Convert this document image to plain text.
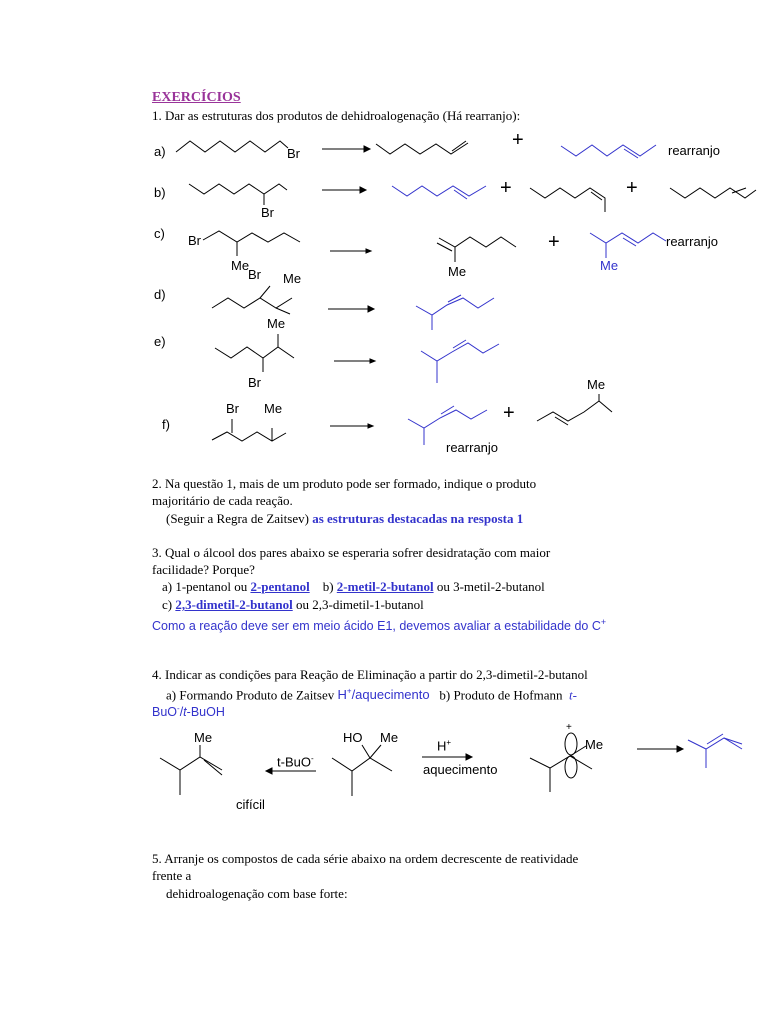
EXERCÍCIOS
1. Dar as estruturas dos produtos de dehidroalogenação (Há rearranjo):
a)
b)
c)
d)
e)
f)
Br
+	rearranjo
Br
+	+
Br
Me	Me
+
Me
rearranjo
Br Me
Me
Br
Br Me	+
Me
rearranjo
2. Na questão 1, mais de um produto pode ser formado, indique o produto
majoritário de cada reação.
(Seguir a Regra de Zaitsev) as estruturas destacadas na resposta 1
3. Qual o álcool dos pares abaixo se esperaria sofrer desidratação com maior
facilidade? Porque?
a) 1-pentanol ou 2-pentanol b) 2-metil-2-butanol ou 3-metil-2-butanol
c) 2,3-dimetil-2-butanol ou 2,3-dimetil-1-butanol
Como a reação deve ser em meio ácido E1, devemos avaliar a estabilidade do C+
4. Indicar as condições para Reação de Eliminação a partir do 2,3-dimetil-2-butanol
a) Formando Produto de Zaitsev H+/aquecimento   b) Produto de Hofmann  t-
BuO-/t-BuOH
Me
t-BuO-
HO Me
H+
aquecimento
+
Me
cifícil
5. Arranje os compostos de cada série abaixo na ordem decrescente de reatividade
frente a
dehidroalogenação com base forte:
